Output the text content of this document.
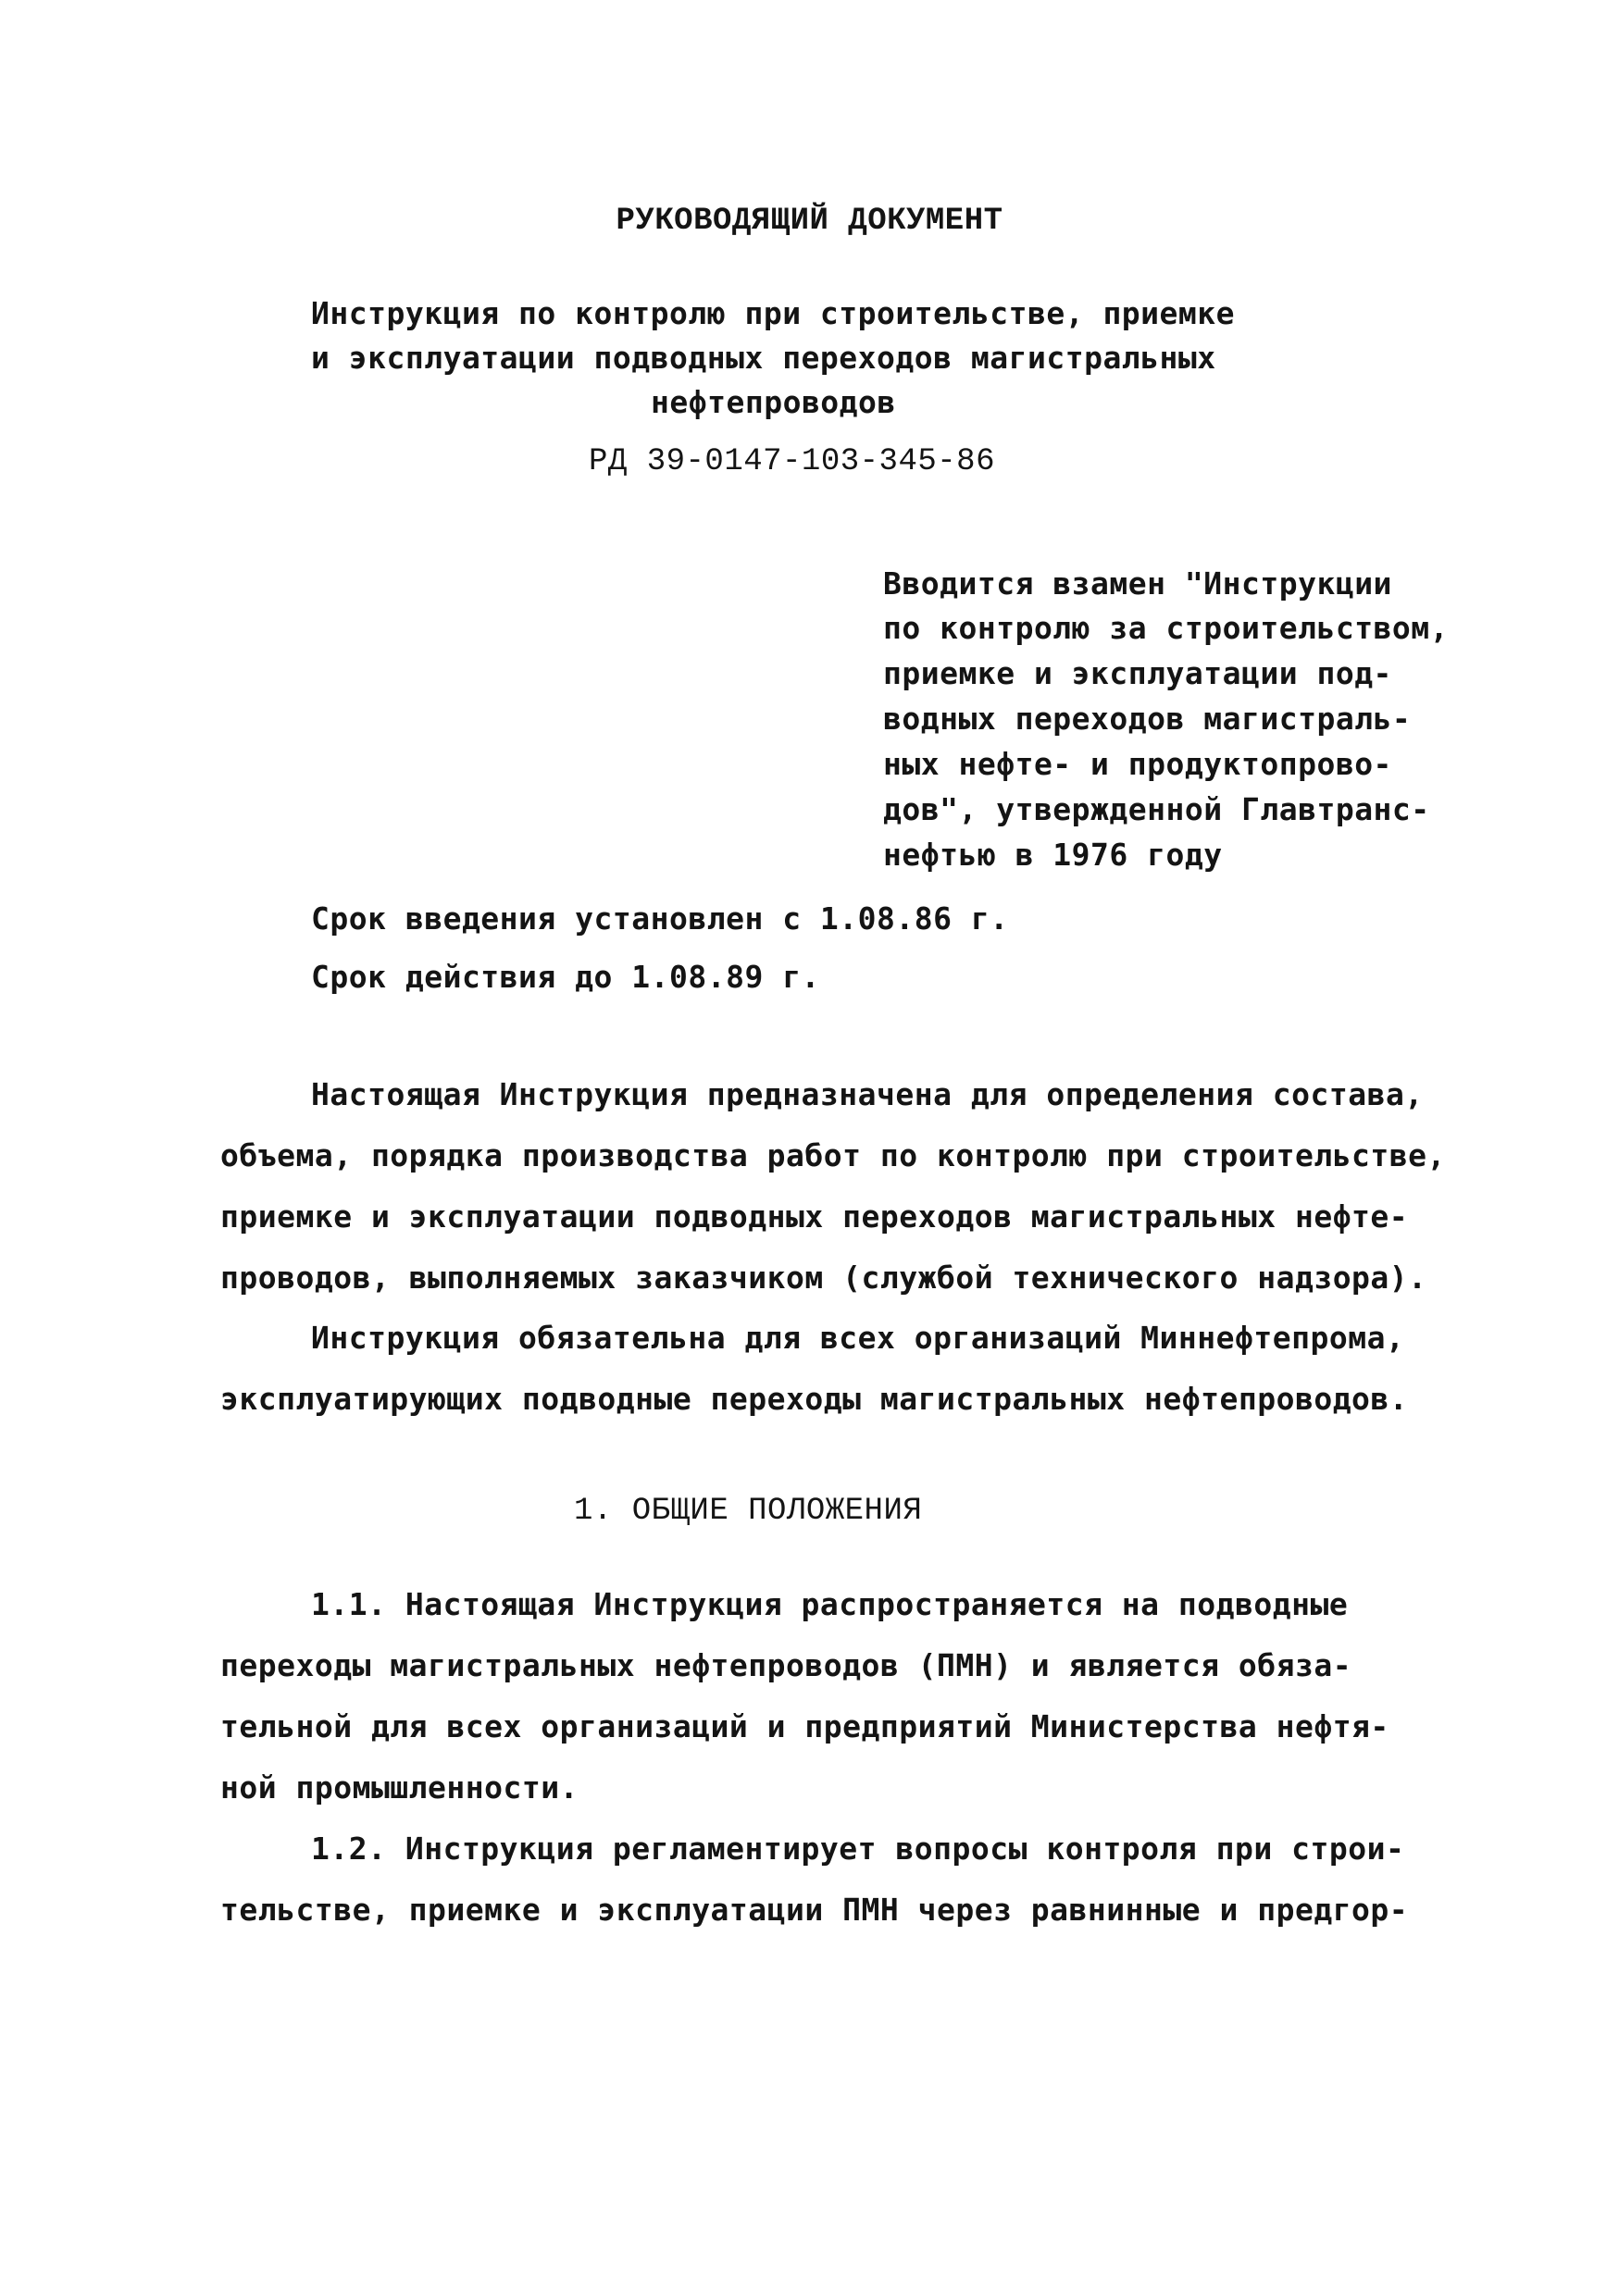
РУКОВОДЯЩИЙ ДОКУМЕНТ
Инструкция по контролю при строительстве, приемке
и эксплуатации подводных переходов магистральных
нефтепроводов
РД 39-0147-103-345-86
Вводится взамен "Инструкции
по контролю за строительством,
приемке и эксплуатации под-
водных переходов магистраль-
ных нефте- и продуктопрово-
дов", утвержденной Главтранс-
нефтью в 1976 году
Срок введения установлен с 1.08.86 г.
Срок действия до 1.08.89 г.
Настоящая Инструкция предназначена для определения состава,
объема, порядка производства работ по контролю при строительстве,
приемке и эксплуатации подводных переходов магистральных нефте-
проводов, выполняемых заказчиком (службой технического надзора).
Инструкция обязательна для всех организаций Миннефтепрома,
эксплуатирующих подводные переходы магистральных нефтепроводов.
1. ОБЩИЕ ПОЛОЖЕНИЯ
1.1. Настоящая Инструкция распространяется на подводные
переходы магистральных нефтепроводов (ПМН) и является обяза-
тельной для всех организаций и предприятий Министерства нефтя-
ной промышленности.
1.2. Инструкция регламентирует вопросы контроля при строи-
тельстве, приемке и эксплуатации ПМН через равнинные и предгор-
